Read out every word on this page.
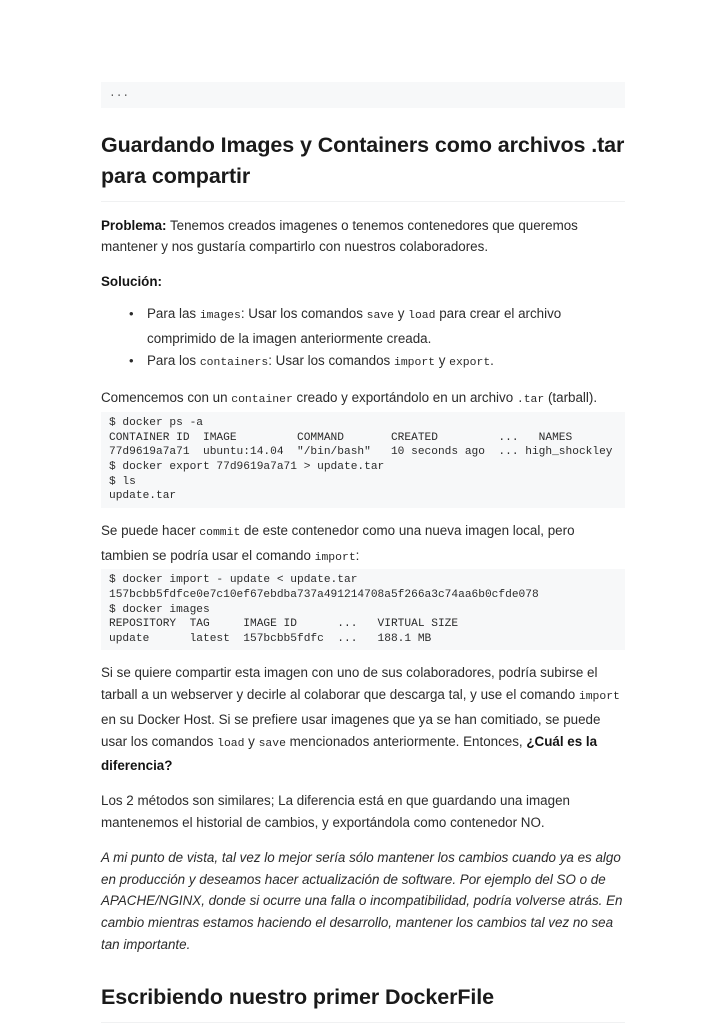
...
Guardando Images y Containers como archivos .tar para compartir

Problema: Tenemos creados imagenes o tenemos contenedores que queremos mantener y nos gustaría compartirlo con nuestros colaboradores.

Solución:

• Para las images: Usar los comandos save y load para crear el archivo comprimido de la imagen anteriormente creada.
• Para los containers: Usar los comandos import y export.

Comencemos con un container creado y exportándolo en un archivo .tar (tarball).

$ docker ps -a
CONTAINER ID  IMAGE         COMMAND       CREATED         ...   NAMES
77d9619a7a71  ubuntu:14.04  "/bin/bash"   10 seconds ago  ... high_shockley
$ docker export 77d9619a7a71 > update.tar
$ ls
update.tar

Se puede hacer commit de este contenedor como una nueva imagen local, pero tambien se podría usar el comando import:

$ docker import - update < update.tar
157bcbb5fdfce0e7c10ef67ebdba737a491214708a5f266a3c74aa6b0cfde078
$ docker images
REPOSITORY  TAG     IMAGE ID      ...   VIRTUAL SIZE
update      latest  157bcbb5fdfc  ...   188.1 MB

Si se quiere compartir esta imagen con uno de sus colaboradores, podría subirse el tarball a un webserver y decirle al colaborar que descarga tal, y use el comando import en su Docker Host. Si se prefiere usar imagenes que ya se han comitiado, se puede usar los comandos load y save mencionados anteriormente. Entonces, ¿Cuál es la diferencia?

Los 2 métodos son similares; La diferencia está en que guardando una imagen mantenemos el historial de cambios, y exportándola como contenedor NO.

A mi punto de vista, tal vez lo mejor sería sólo mantener los cambios cuando ya es algo en producción y deseamos hacer actualización de software. Por ejemplo del SO o de APACHE/NGINX, donde si ocurre una falla o incompatibilidad, podría volverse atrás. En cambio mientras estamos haciendo el desarrollo, mantener los cambios tal vez no sea tan importante.

Escribiendo nuestro primer DockerFile
